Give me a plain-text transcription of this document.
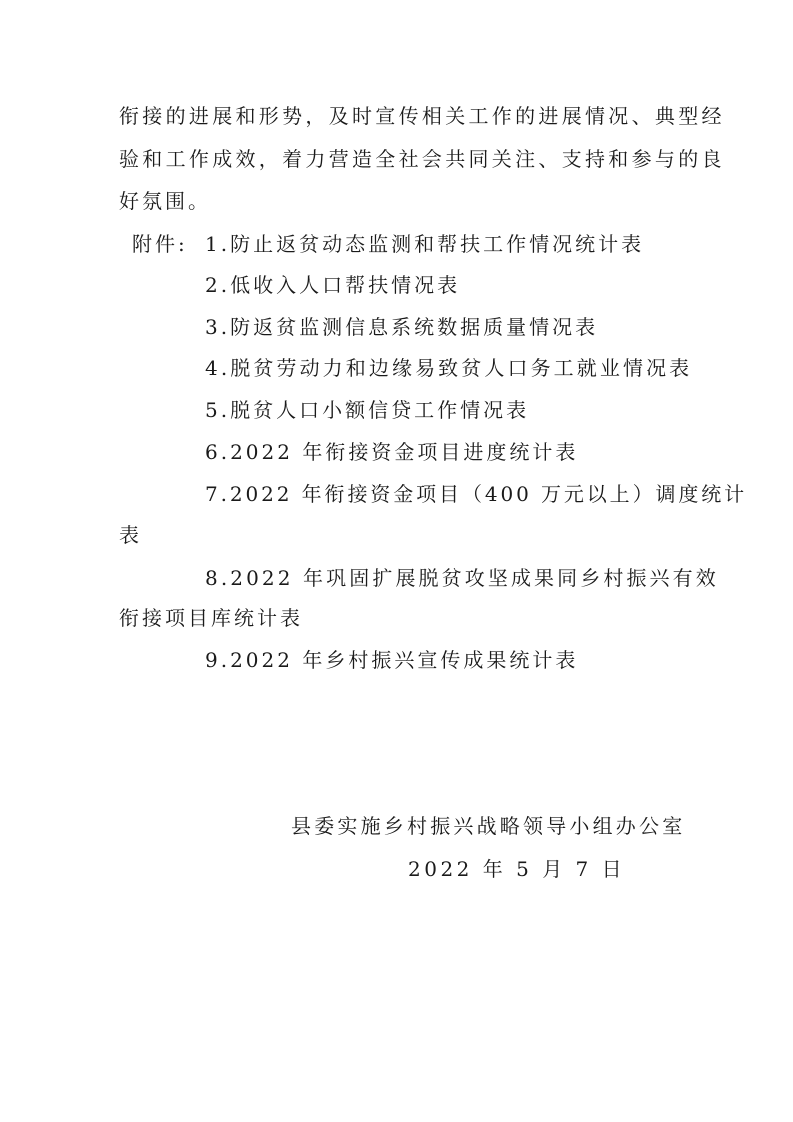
衔接的进展和形势，及时宣传相关工作的进展情况、典型经
验和工作成效，着力营造全社会共同关注、支持和参与的良
好氛围。
附件: 1.防止返贫动态监测和帮扶工作情况统计表
2.低收入人口帮扶情况表
3.防返贫监测信息系统数据质量情况表
4.脱贫劳动力和边缘易致贫人口务工就业情况表
5.脱贫人口小额信贷工作情况表
6.2022 年衔接资金项目进度统计表
7.2022 年衔接资金项目（400 万元以上）调度统计
表
8.2022 年巩固扩展脱贫攻坚成果同乡村振兴有效
衔接项目库统计表
9.2022 年乡村振兴宣传成果统计表
县委实施乡村振兴战略领导小组办公室
2022 年 5 月 7 日
